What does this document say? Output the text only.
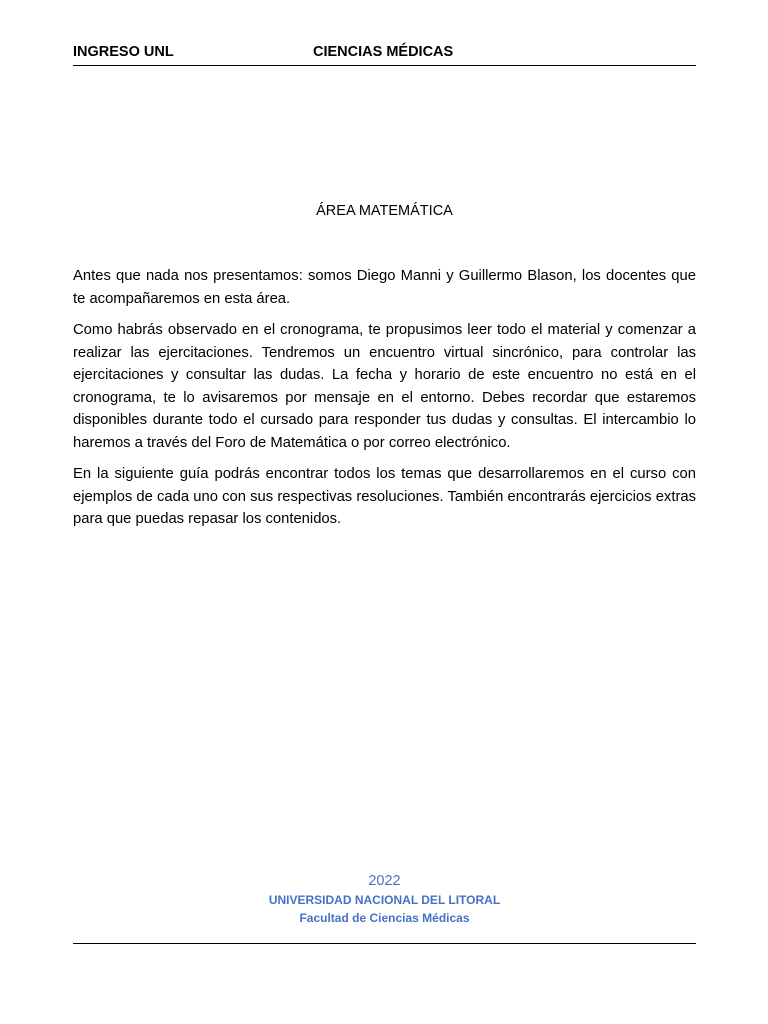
INGRESO UNL	CIENCIAS MÉDICAS
ÁREA MATEMÁTICA

Antes que nada nos presentamos: somos Diego Manni y Guillermo Blason, los docentes que te acompañaremos en esta área.

Como habrás observado en el cronograma, te propusimos leer todo el material y comenzar a realizar las ejercitaciones. Tendremos un encuentro virtual sincrónico, para controlar las ejercitaciones y consultar las dudas. La fecha y horario de este encuentro no está en el cronograma, te lo avisaremos por mensaje en el entorno. Debes recordar que estaremos disponibles durante todo el cursado para responder tus dudas y consultas. El intercambio lo haremos a través del Foro de Matemática o por correo electrónico.

En la siguiente guía podrás encontrar todos los temas que desarrollaremos en el curso con ejemplos de cada uno con sus respectivas resoluciones. También encontrarás ejercicios extras para que puedas repasar los contenidos.

2022
UNIVERSIDAD NACIONAL DEL LITORAL
Facultad de Ciencias Médicas
